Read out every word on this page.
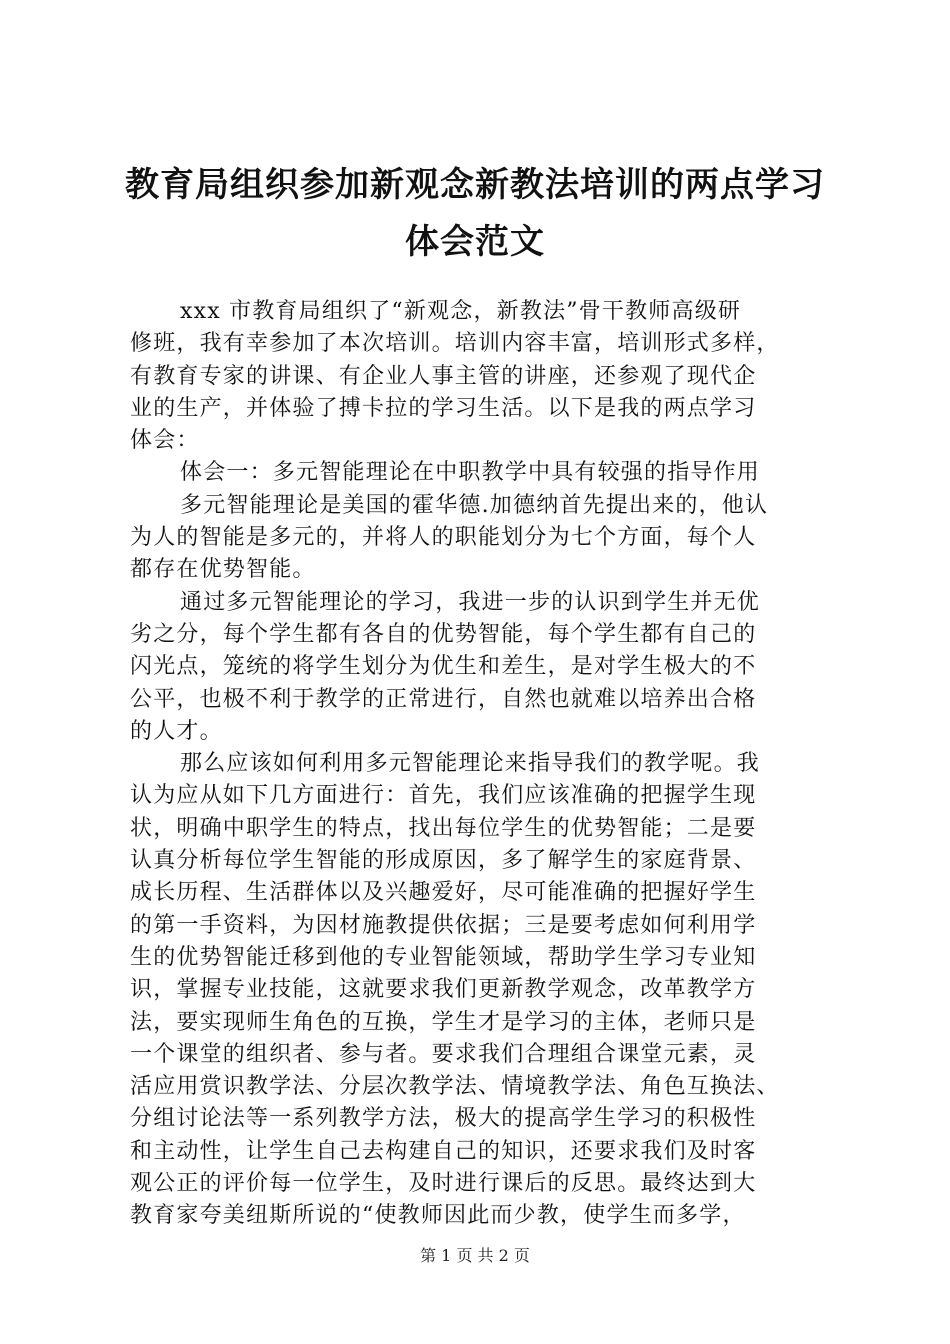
教育局组织参加新观念新教法培训的两点学习
体会范文
xxx 市教育局组织了“新观念，新教法”骨干教师高级研
修班，我有幸参加了本次培训。培训内容丰富，培训形式多样，
有教育专家的讲课、有企业人事主管的讲座，还参观了现代企
业的生产，并体验了搏卡拉的学习生活。以下是我的两点学习
体会：
体会一：多元智能理论在中职教学中具有较强的指导作用
多元智能理论是美国的霍华德.加德纳首先提出来的，他认
为人的智能是多元的，并将人的职能划分为七个方面，每个人
都存在优势智能。
通过多元智能理论的学习，我进一步的认识到学生并无优
劣之分，每个学生都有各自的优势智能，每个学生都有自己的
闪光点，笼统的将学生划分为优生和差生，是对学生极大的不
公平，也极不利于教学的正常进行，自然也就难以培养出合格
的人才。
那么应该如何利用多元智能理论来指导我们的教学呢。我
认为应从如下几方面进行：首先，我们应该准确的把握学生现
状，明确中职学生的特点，找出每位学生的优势智能；二是要
认真分析每位学生智能的形成原因，多了解学生的家庭背景、
成长历程、生活群体以及兴趣爱好，尽可能准确的把握好学生
的第一手资料，为因材施教提供依据；三是要考虑如何利用学
生的优势智能迁移到他的专业智能领域，帮助学生学习专业知
识，掌握专业技能，这就要求我们更新教学观念，改革教学方
法，要实现师生角色的互换，学生才是学习的主体，老师只是
一个课堂的组织者、参与者。要求我们合理组合课堂元素，灵
活应用赏识教学法、分层次教学法、情境教学法、角色互换法、
分组讨论法等一系列教学方法，极大的提高学生学习的积极性
和主动性，让学生自己去构建自己的知识，还要求我们及时客
观公正的评价每一位学生，及时进行课后的反思。最终达到大
教育家夸美纽斯所说的“使教师因此而少教，使学生而多学，
第 1 页 共 2 页
